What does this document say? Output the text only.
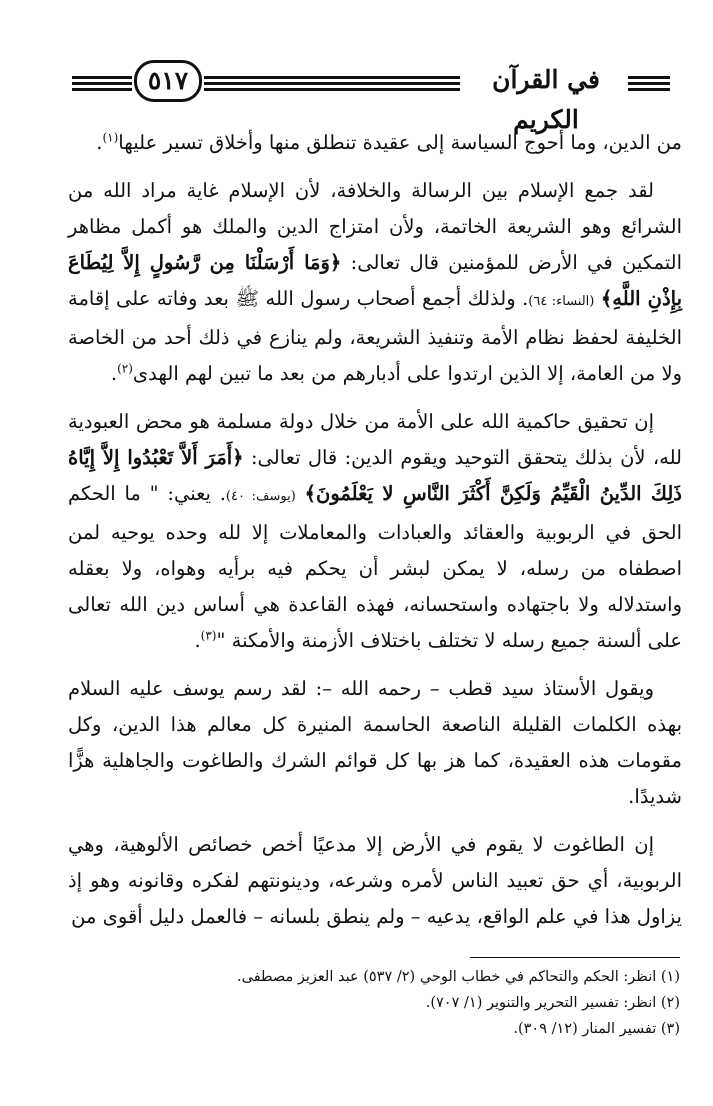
٥١٧	في القرآن الكريم

من الدين، وما أحوج السياسة إلى عقيدة تنطلق منها وأخلاق تسير عليها$^{(١)}$.

لقد جمع الإسلام بين الرسالة والخلافة، لأن الإسلام غاية مراد الله من الشرائع وهو الشريعة الخاتمة، ولأن امتزاج الدين والملك هو أكمل مظاهر التمكين في الأرض للمؤمنين قال تعالى: ﴿وَمَا أَرْسَلْنَا مِن رَّسُولٍ إِلاَّ لِيُطَاعَ بِإِذْنِ اللَّهِ﴾ (النساء: ٦٤). ولذلك أجمع أصحاب رسول الله ﷺ بعد وفاته على إقامة الخليفة لحفظ نظام الأمة وتنفيذ الشريعة، ولم ينازع في ذلك أحد من الخاصة ولا من العامة، إلا الذين ارتدوا على أدبارهم من بعد ما تبين لهم الهدى$^{(٢)}$.

إن تحقيق حاكمية الله على الأمة من خلال دولة مسلمة هو محض العبودية لله، لأن بذلك يتحقق التوحيد ويقوم الدين: قال تعالى: ﴿أَمَرَ أَلاَّ تَعْبُدُوا إِلاَّ إِيَّاهُ ذَلِكَ الدِّينُ الْقَيِّمُ وَلَكِنَّ أَكْثَرَ النَّاسِ لا يَعْلَمُونَ﴾ (يوسف: ٤٠). يعني: " ما الحكم الحق في الربوبية والعقائد والعبادات والمعاملات إلا لله وحده يوحيه لمن اصطفاه من رسله، لا يمكن لبشر أن يحكم فيه برأيه وهواه، ولا بعقله واستدلاله ولا باجتهاده واستحسانه، فهذه القاعدة هي أساس دين الله تعالى على ألسنة جميع رسله لا تختلف باختلاف الأزمنة والأمكنة "$^{(٣)}$.

ويقول الأستاذ سيد قطب – رحمه الله –: لقد رسم يوسف عليه السلام بهذه الكلمات القليلة الناصعة الحاسمة المنيرة كل معالم هذا الدين، وكل مقومات هذه العقيدة، كما هز بها كل قوائم الشرك والطاغوت والجاهلية هزًّا شديدًا.

إن الطاغوت لا يقوم في الأرض إلا مدعيًا أخص خصائص الألوهية، وهي الربوبية، أي حق تعبيد الناس لأمره وشرعه، ودينونتهم لفكره وقانونه وهو إذ يزاول هذا في علم الواقع، يدعيه – ولم ينطق بلسانه – فالعمل دليل أقوى من

(١) انظر: الحكم والتحاكم في خطاب الوحي (٢/ ٥٣٧) عبد العزيز مصطفى.

(٢) انظر: تفسير التحرير والتنوير (١/ ٧٠٧).

(٣) تفسير المنار (١٢/ ٣٠٩).
